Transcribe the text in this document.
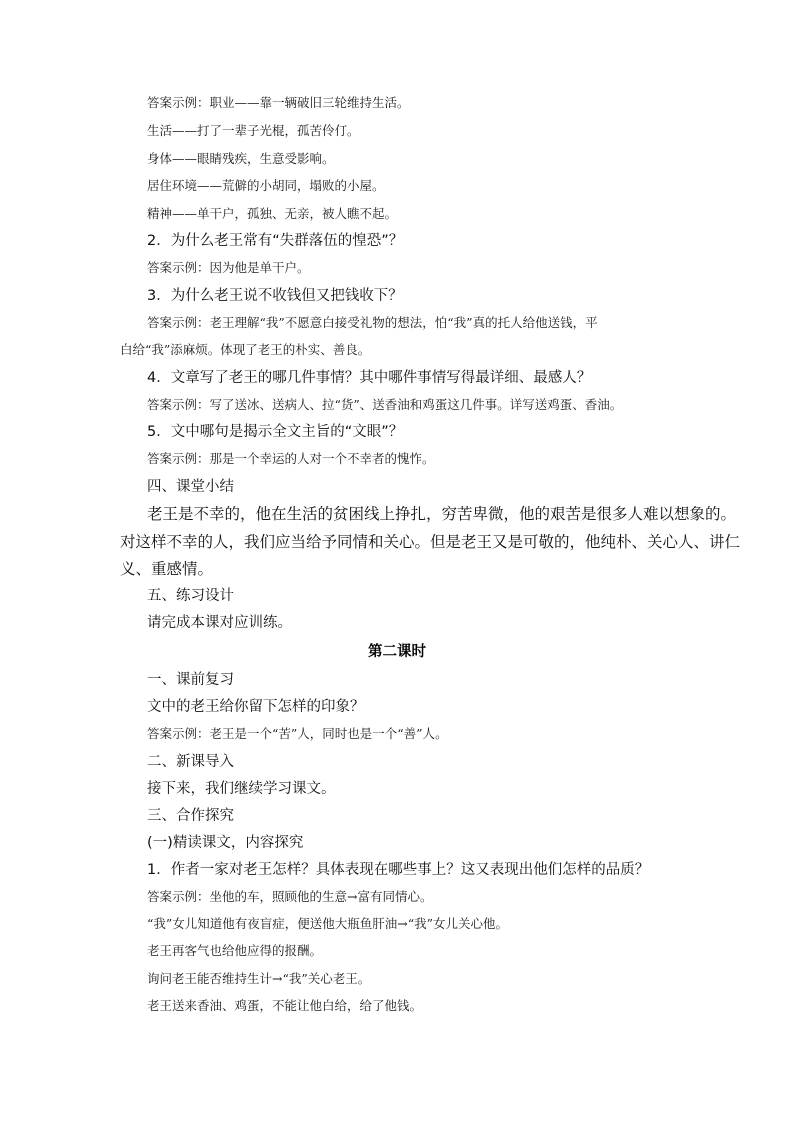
答案示例：职业——靠一辆破旧三轮维持生活。
生活——打了一辈子光棍，孤苦伶仃。
身体——眼睛残疾，生意受影响。
居住环境——荒僻的小胡同，塌败的小屋。
精神——单干户，孤独、无亲，被人瞧不起。
2．为什么老王常有“失群落伍的惶恐”？
答案示例：因为他是单干户。
3．为什么老王说不收钱但又把钱收下？
答案示例：老王理解“我”不愿意白接受礼物的想法，怕“我”真的托人给他送钱，平
白给“我”添麻烦。体现了老王的朴实、善良。
4．文章写了老王的哪几件事情？其中哪件事情写得最详细、最感人？
答案示例：写了送冰、送病人、拉“货”、送香油和鸡蛋这几件事。详写送鸡蛋、香油。
5．文中哪句是揭示全文主旨的“文眼”？
答案示例：那是一个幸运的人对一个不幸者的愧怍。
四、课堂小结
老王是不幸的，他在生活的贫困线上挣扎，穷苦卑微，他的艰苦是很多人难以想象的。
对这样不幸的人，我们应当给予同情和关心。但是老王又是可敬的，他纯朴、关心人、讲仁
义、重感情。
五、练习设计
请完成本课对应训练。
第二课时
一、课前复习
文中的老王给你留下怎样的印象？
答案示例：老王是一个“苦”人，同时也是一个“善”人。
二、新课导入
接下来，我们继续学习课文。
三、合作探究
(一)精读课文，内容探究
1．作者一家对老王怎样？具体表现在哪些事上？这又表现出他们怎样的品质？
答案示例：坐他的车，照顾他的生意→富有同情心。
“我”女儿知道他有夜盲症，便送他大瓶鱼肝油→“我”女儿关心他。
老王再客气也给他应得的报酬。
询问老王能否维持生计→“我”关心老王。
老王送来香油、鸡蛋，不能让他白给，给了他钱。
